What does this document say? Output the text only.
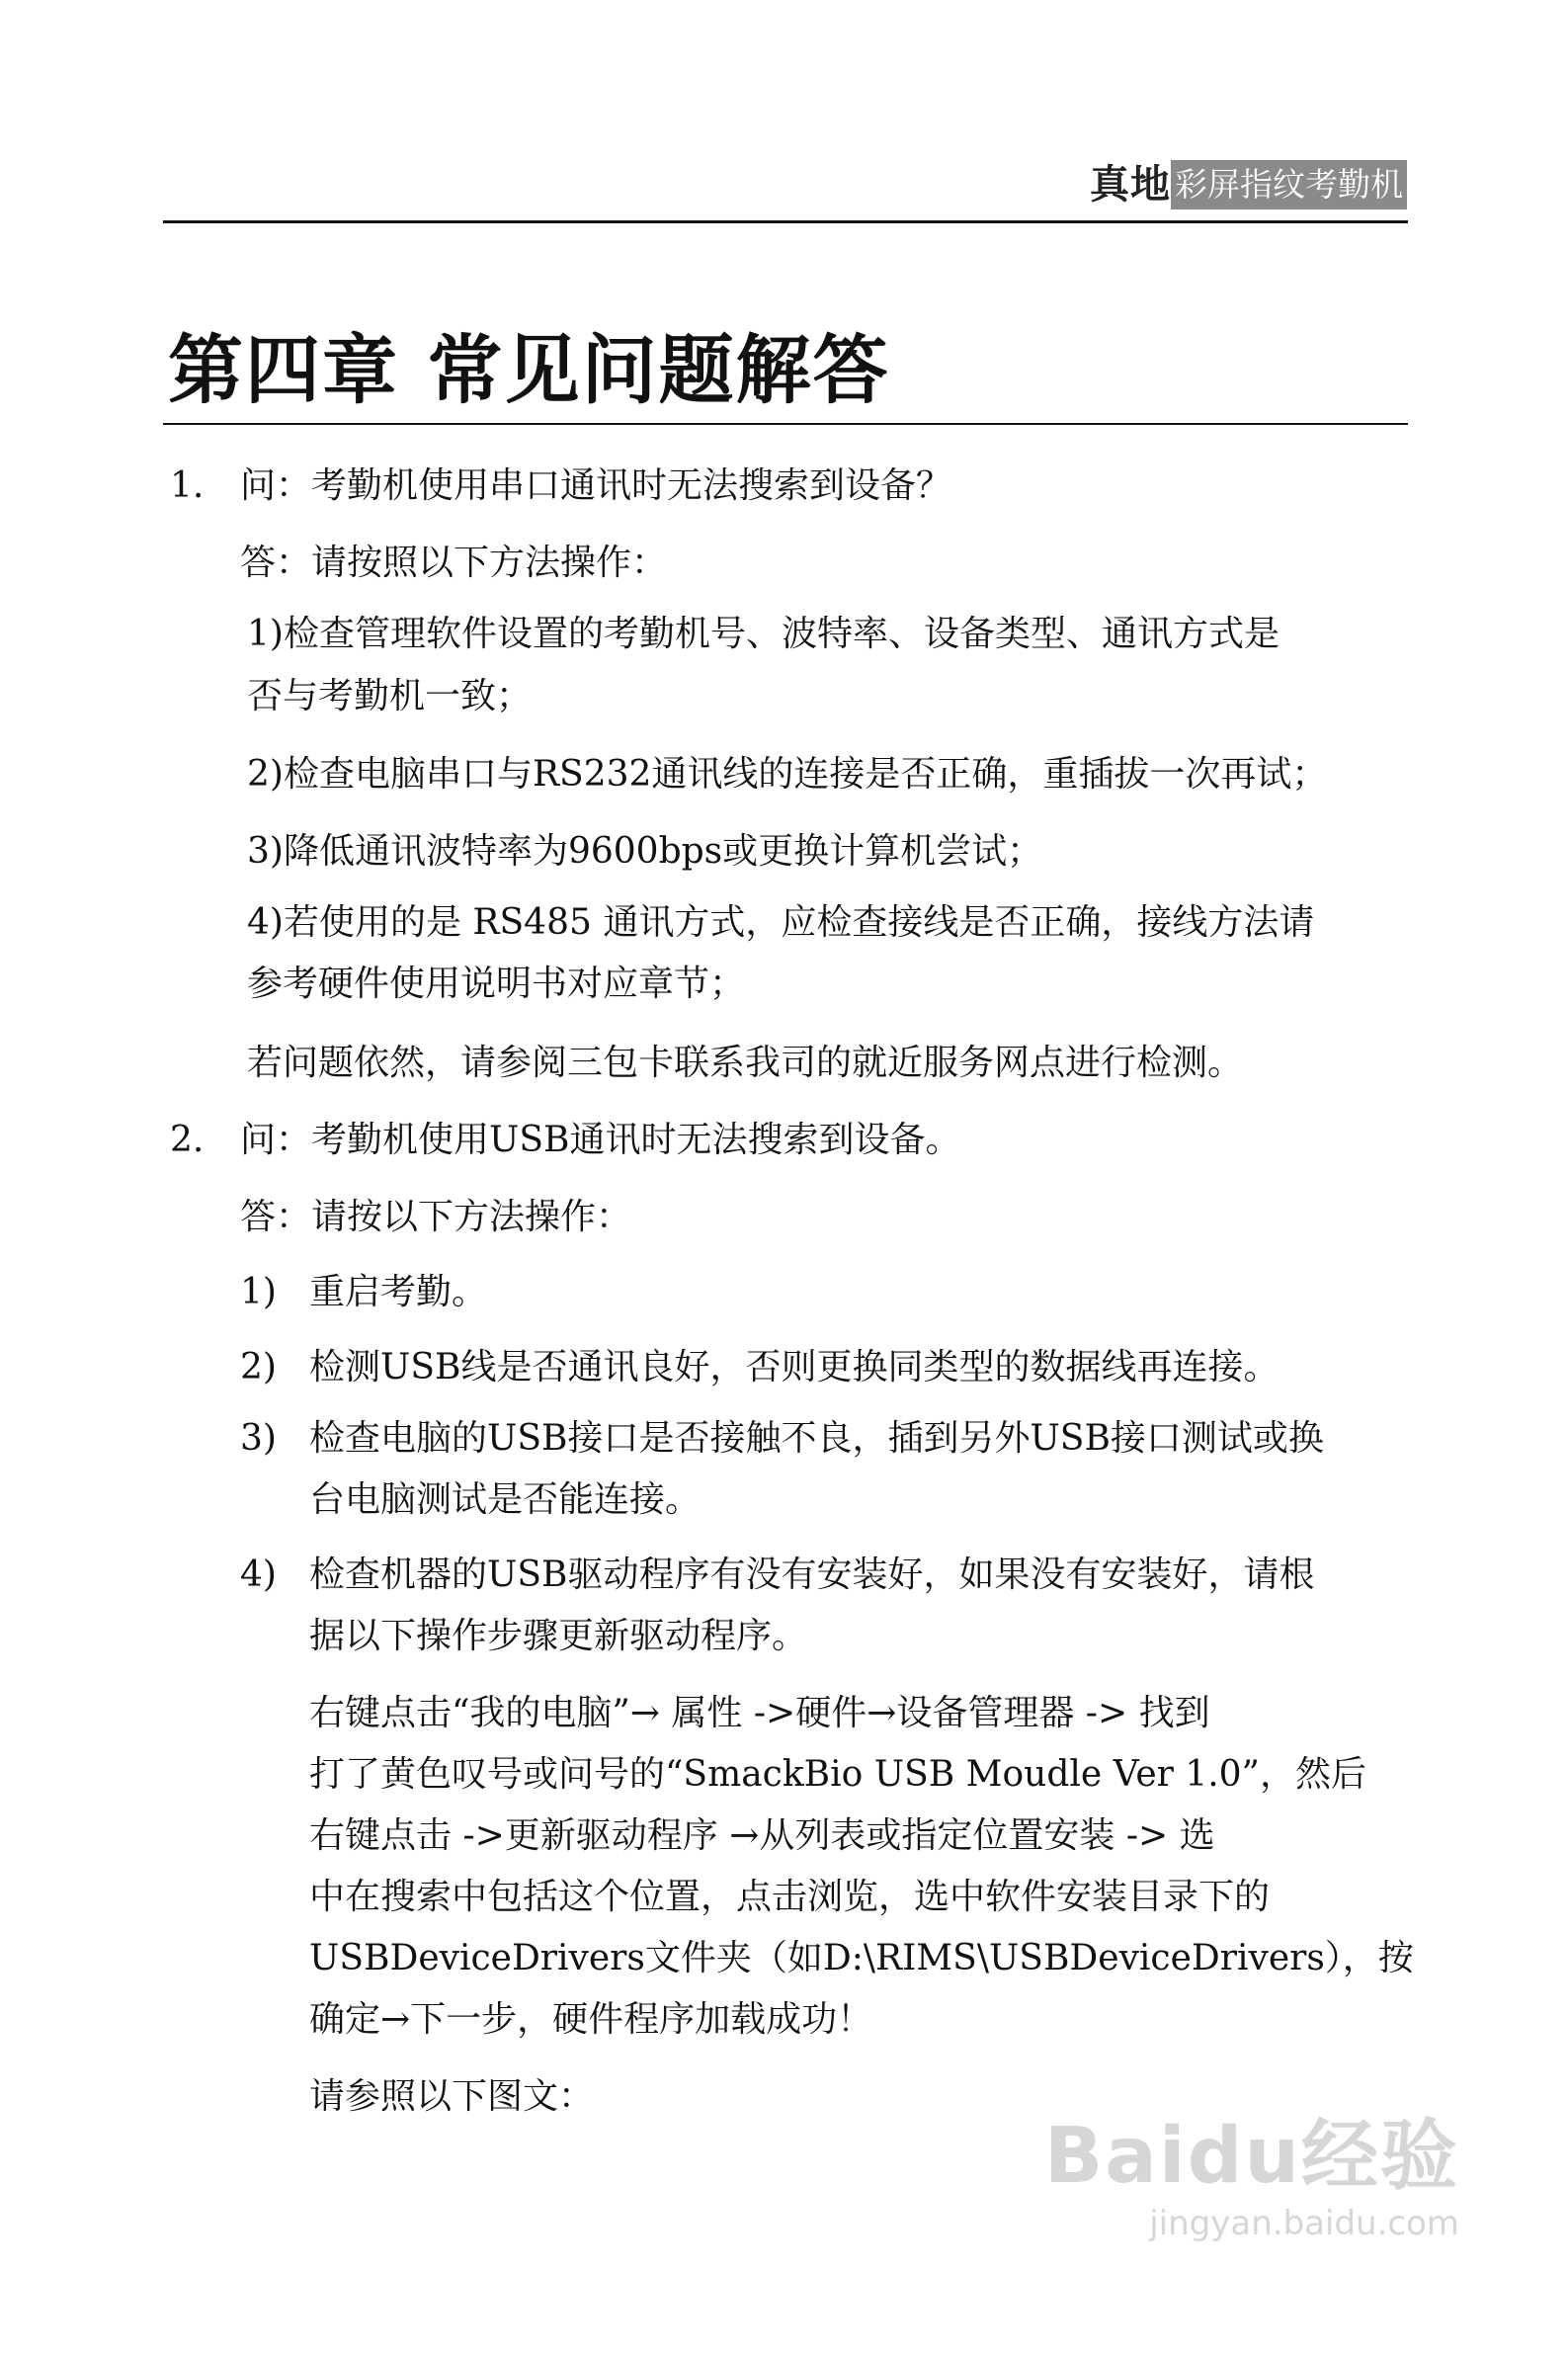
真地 彩屏指纹考勤机
第四章 常见问题解答

1. 问：考勤机使用串口通讯时无法搜索到设备？

答：请按照以下方法操作：

1)检查管理软件设置的考勤机号、波特率、设备类型、通讯方式是

否与考勤机一致；

2)检查电脑串口与RS232通讯线的连接是否正确，重插拔一次再试；

3)降低通讯波特率为9600bps或更换计算机尝试；

4)若使用的是 RS485 通讯方式，应检查接线是否正确，接线方法请

参考硬件使用说明书对应章节；

若问题依然，请参阅三包卡联系我司的就近服务网点进行检测。

2. 问：考勤机使用USB通讯时无法搜索到设备。

答：请按以下方法操作：

1) 重启考勤。

2) 检测USB线是否通讯良好，否则更换同类型的数据线再连接。

3) 检查电脑的USB接口是否接触不良，插到另外USB接口测试或换

台电脑测试是否能连接。

4) 检查机器的USB驱动程序有没有安装好，如果没有安装好，请根

据以下操作步骤更新驱动程序。

右键点击“我的电脑”→ 属性 ->硬件→设备管理器 -> 找到

打了黄色叹号或问号的“SmackBio USB Moudle Ver 1.0”，然后

右键点击 ->更新驱动程序 →从列表或指定位置安装 -> 选

中在搜索中包括这个位置，点击浏览，选中软件安装目录下的

USBDeviceDrivers文件夹（如D:\RIMS\USBDeviceDrivers），按

确定→下一步，硬件程序加载成功！

请参照以下图文：

Baidu经验
jingyan.baidu.com
